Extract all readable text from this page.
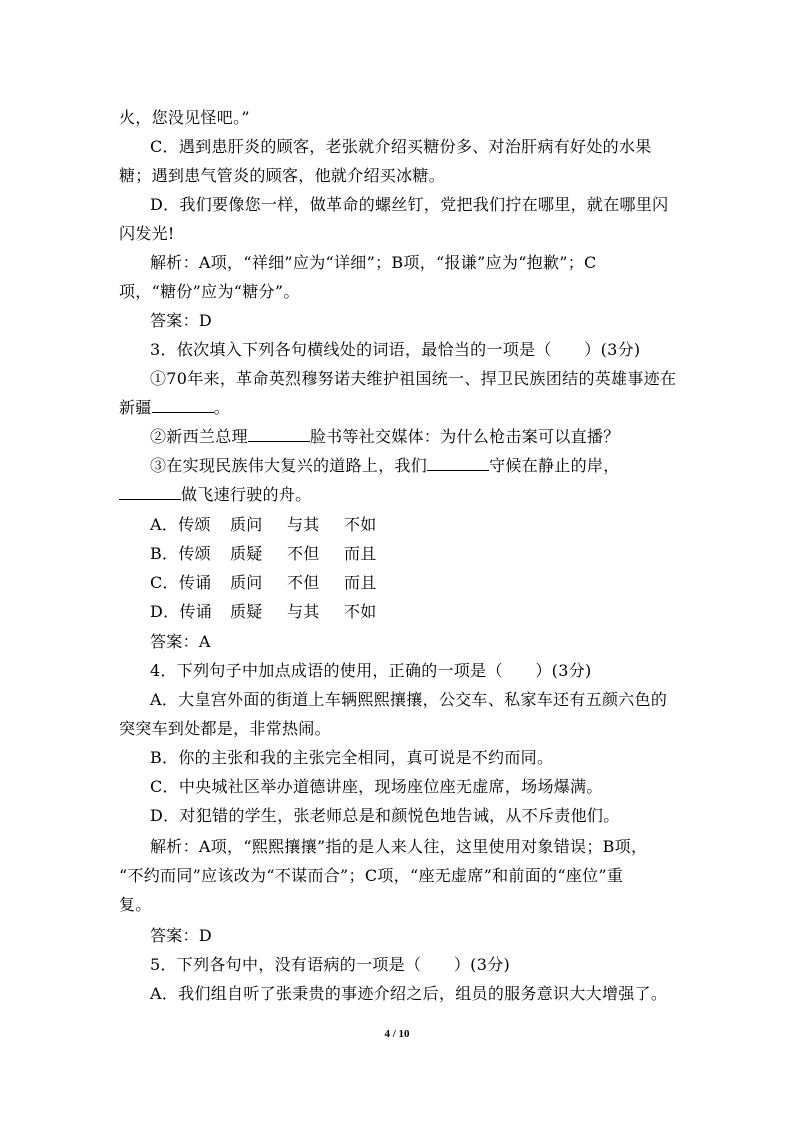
火，您没见怪吧。”
C．遇到患肝炎的顾客，老张就介绍买糖份多、对治肝病有好处的水果
糖；遇到患气管炎的顾客，他就介绍买冰糖。
D．我们要像您一样，做革命的螺丝钉，党把我们拧在哪里，就在哪里闪
闪发光!
解析：A项，“祥细”应为“详细”；B项，“报谦”应为“抱歉”；C
项，“糖份”应为“糖分”。
答案：D
3．依次填入下列各句横线处的词语，最恰当的一项是（　　）(3分)
①70年来，革命英烈穆努诺夫维护祖国统一、捍卫民族团结的英雄事迹在
新疆	。
②新西兰总理	脸书等社交媒体：为什么枪击案可以直播？
③在实现民族伟大复兴的道路上，我们	守候在静止的岸，
做飞速行驶的舟。
A．传颂 质问 与其 不如
B．传颂 质疑 不但 而且
C．传诵 质问 不但 而且
D．传诵 质疑 与其 不如
答案：A
4．下列句子中加点成语的使用，正确的一项是（　　）(3分)
A．大皇宫外面的街道上车辆熙熙攘攘，公交车、私家车还有五颜六色的
突突车到处都是，非常热闹。
B．你的主张和我的主张完全相同，真可说是不约而同。
C．中央城社区举办道德讲座，现场座位座无虚席，场场爆满。
D．对犯错的学生，张老师总是和颜悦色地告诫，从不斥责他们。
解析：A项，“熙熙攘攘”指的是人来人往，这里使用对象错误；B项，
“不约而同”应该改为“不谋而合”；C项，“座无虚席”和前面的“座位”重
复。
答案：D
5．下列各句中，没有语病的一项是（　　）(3分)
A．我们组自听了张秉贵的事迹介绍之后，组员的服务意识大大增强了。
4 / 10
